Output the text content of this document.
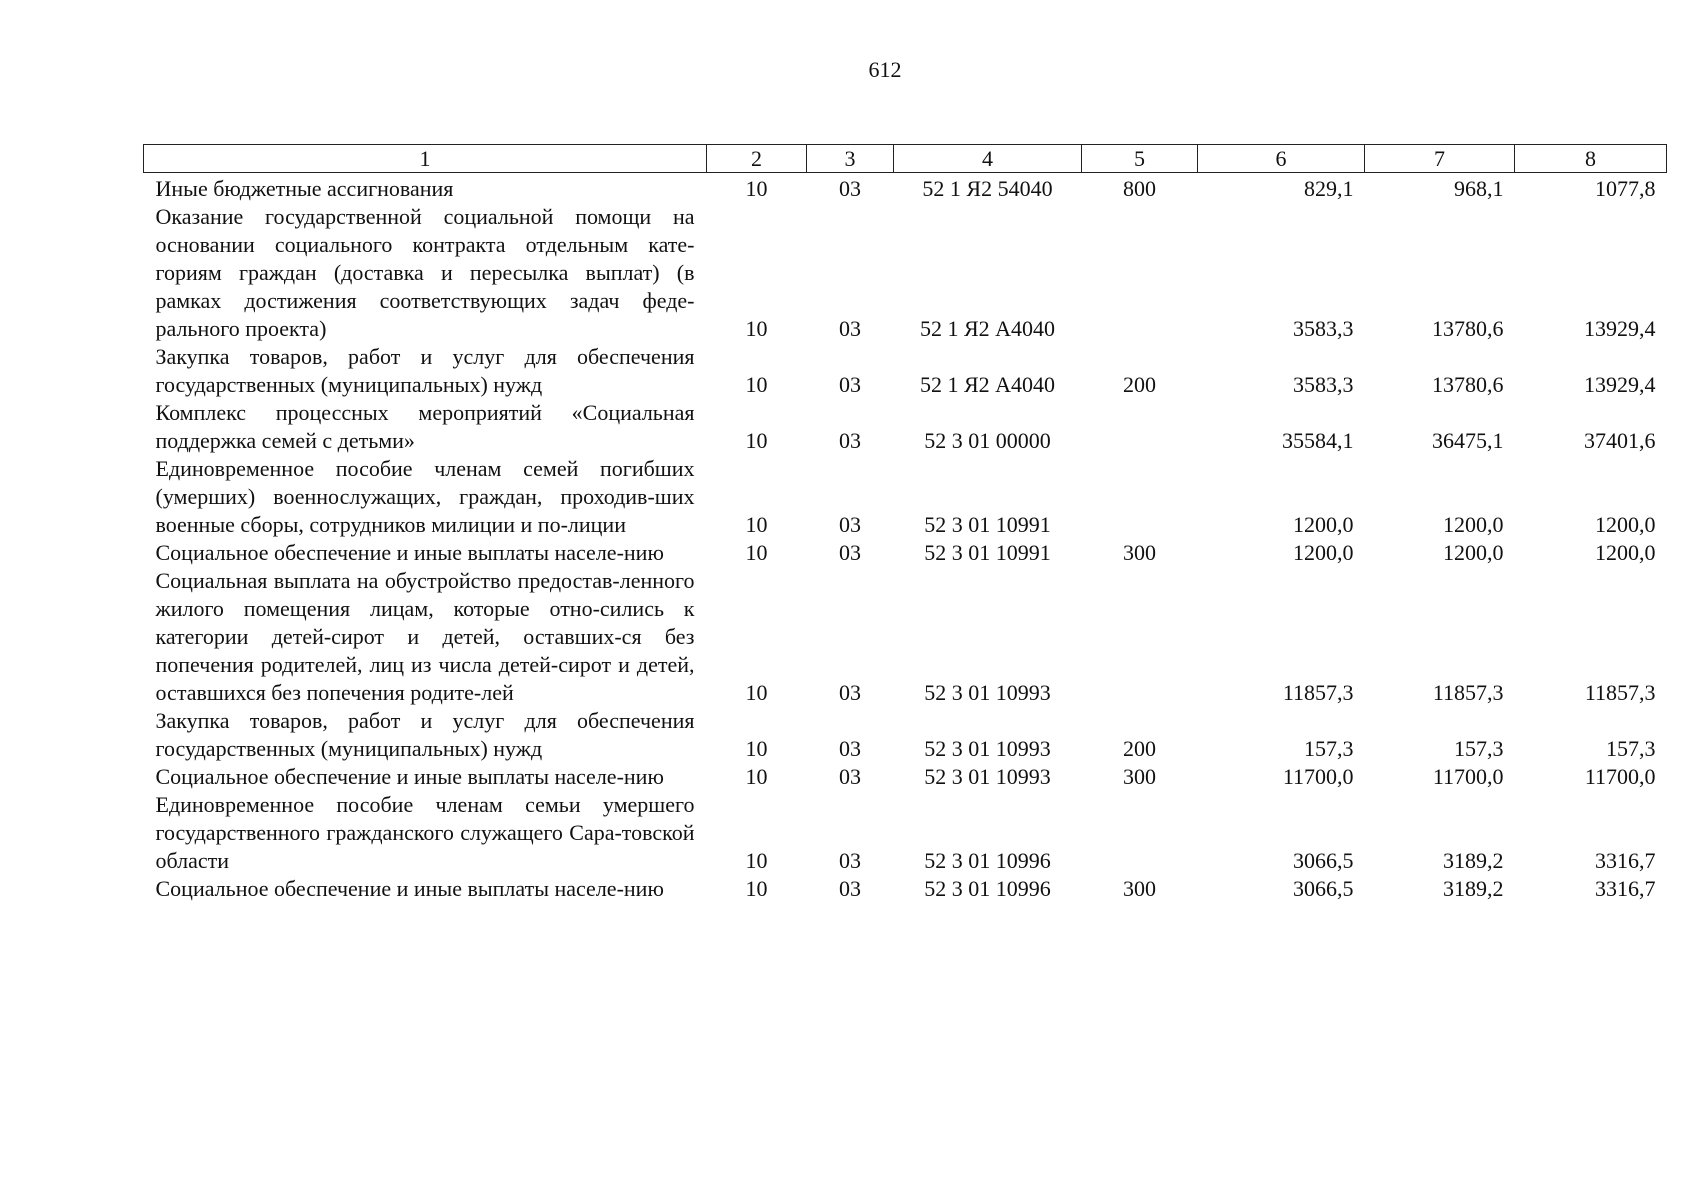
612
1	2	3	4	5	6	7	8
Иные бюджетные ассигнования	10	03	52 1 Я2 54040	800	829,1	968,1	1077,8
Оказание государственной социальной помощи на основании социального контракта отдельным кате-гориям граждан (доставка и пересылка выплат) (в рамках достижения соответствующих задач феде-рального проекта)	10	03	52 1 Я2 А4040		3583,3	13780,6	13929,4
Закупка товаров, работ и услуг для обеспечения государственных (муниципальных) нужд	10	03	52 1 Я2 А4040	200	3583,3	13780,6	13929,4
Комплекс процессных мероприятий «Социальная поддержка семей с детьми»	10	03	52 3 01 00000		35584,1	36475,1	37401,6
Единовременное пособие членам семей погибших (умерших) военнослужащих, граждан, проходив-ших военные сборы, сотрудников милиции и по-лиции	10	03	52 3 01 10991		1200,0	1200,0	1200,0
Социальное обеспечение и иные выплаты населе-нию	10	03	52 3 01 10991	300	1200,0	1200,0	1200,0
Социальная выплата на обустройство предостав-ленного жилого помещения лицам, которые отно-сились к категории детей-сирот и детей, оставших-ся без попечения родителей, лиц из числа детей-сирот и детей, оставшихся без попечения родите-лей	10	03	52 3 01 10993		11857,3	11857,3	11857,3
Закупка товаров, работ и услуг для обеспечения государственных (муниципальных) нужд	10	03	52 3 01 10993	200	157,3	157,3	157,3
Социальное обеспечение и иные выплаты населе-нию	10	03	52 3 01 10993	300	11700,0	11700,0	11700,0
Единовременное пособие членам семьи умершего государственного гражданского служащего Сара-товской области	10	03	52 3 01 10996		3066,5	3189,2	3316,7
Социальное обеспечение и иные выплаты населе-нию	10	03	52 3 01 10996	300	3066,5	3189,2	3316,7
